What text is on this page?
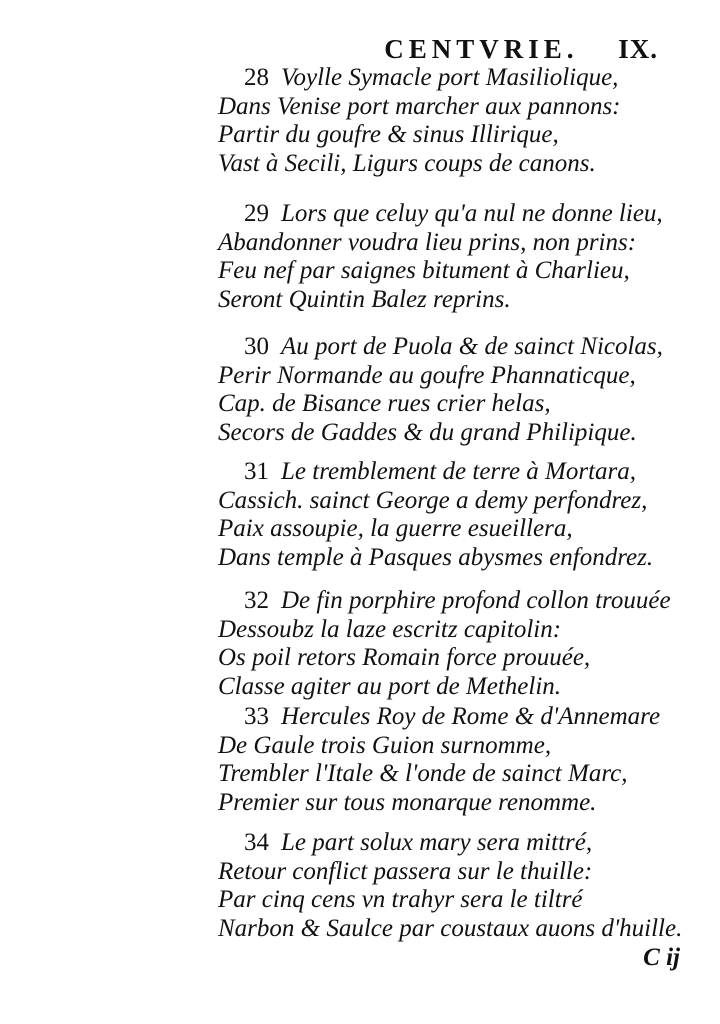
CENTVRIE. IX.
28 Voylle Symacle port Masiliolique,
Dans Venise port marcher aux pannons:
Partir du goufre & sinus Illirique,
Vast à Secili, Ligurs coups de canons.
29 Lors que celuy qu'a nul ne donne lieu,
Abandonner voudra lieu prins, non prins:
Feu nef par saignes bitument à Charlieu,
Seront Quintin Balez reprins.
30 Au port de Puola & de sainct Nicolas,
Perir Normande au goufre Phannaticque,
Cap. de Bisance rues crier helas,
Secors de Gaddes & du grand Philipique.
31 Le tremblement de terre à Mortara,
Cassich. sainct George a demy perfondrez,
Paix assoupie, la guerre esueillera,
Dans temple à Pasques abysmes enfondrez.
32 De fin porphire profond collon trouuée
Dessoubz la laze escritz capitolin:
Os poil retors Romain force prouuée,
Classe agiter au port de Methelin.
33 Hercules Roy de Rome & d'Annemare
De Gaule trois Guion surnomme,
Trembler l'Itale & l'onde de sainct Marc,
Premier sur tous monarque renomme.
34 Le part solux mary sera mittré,
Retour conflict passera sur le thuille:
Par cinq cens vn trahyr sera le tiltré
Narbon & Saulce par coustaux auons d'huille.
C ij
